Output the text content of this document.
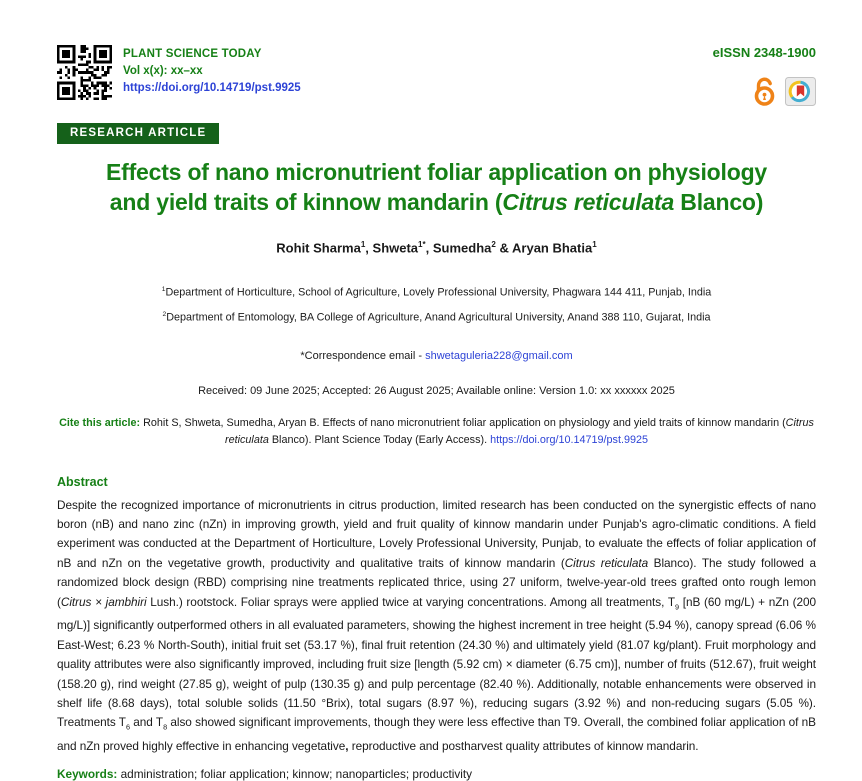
PLANT SCIENCE TODAY
Vol x(x): xx–xx
https://doi.org/10.14719/pst.9925
eISSN 2348-1900
RESEARCH ARTICLE
Effects of nano micronutrient foliar application on physiology
and yield traits of kinnow mandarin (Citrus reticulata Blanco)
Rohit Sharma$^1$, Shweta$^{1*}$, Sumedha$^2$ & Aryan Bhatia$^1$
$^1$Department of Horticulture, School of Agriculture, Lovely Professional University, Phagwara 144 411, Punjab, India
$^2$Department of Entomology, BA College of Agriculture, Anand Agricultural University, Anand 388 110, Gujarat, India
*Correspondence email - shwetaguleria228@gmail.com
Received: 09 June 2025; Accepted: 26 August 2025; Available online: Version 1.0: xx xxxxxx 2025
Cite this article: Rohit S, Shweta, Sumedha, Aryan B. Effects of nano micronutrient foliar application on physiology and yield traits of kinnow mandarin (Citrus reticulata Blanco). Plant Science Today (Early Access). https://doi.org/10.14719/pst.9925
Abstract

Despite the recognized importance of micronutrients in citrus production, limited research has been conducted on the synergistic effects of nano boron (nB) and nano zinc (nZn) in improving growth, yield and fruit quality of kinnow mandarin under Punjab's agro-climatic conditions. A field experiment was conducted at the Department of Horticulture, Lovely Professional University, Punjab, to evaluate the effects of foliar application of nB and nZn on the vegetative growth, productivity and qualitative traits of kinnow mandarin (Citrus reticulata Blanco). The study followed a randomized block design (RBD) comprising nine treatments replicated thrice, using 27 uniform, twelve-year-old trees grafted onto rough lemon (Citrus × jambhiri Lush.) rootstock. Foliar sprays were applied twice at varying concentrations. Among all treatments, $T_9$ [nB (60 mg/L) + nZn (200 mg/L)] significantly outperformed others in all evaluated parameters, showing the highest increment in tree height (5.94 %), canopy spread (6.06 % East-West; 6.23 % North-South), initial fruit set (53.17 %), final fruit retention (24.30 %) and ultimately yield (81.07 kg/plant). Fruit morphology and quality attributes were also significantly improved, including fruit size [length (5.92 cm) × diameter (6.75 cm)], number of fruits (512.67), fruit weight (158.20 g), rind weight (27.85 g), weight of pulp (130.35 g) and pulp percentage (82.40 %). Additionally, notable enhancements were observed in shelf life (8.68 days), total soluble solids (11.50 °Brix), total sugars (8.97 %), reducing sugars (3.92 %) and non-reducing sugars (5.05 %). Treatments $T_6$ and $T_8$ also showed significant improvements, though they were less effective than T9. Overall, the combined foliar application of nB and nZn proved highly effective in enhancing vegetative, reproductive and postharvest quality attributes of kinnow mandarin.

Keywords: administration; foliar application; kinnow; nanoparticles; productivity
